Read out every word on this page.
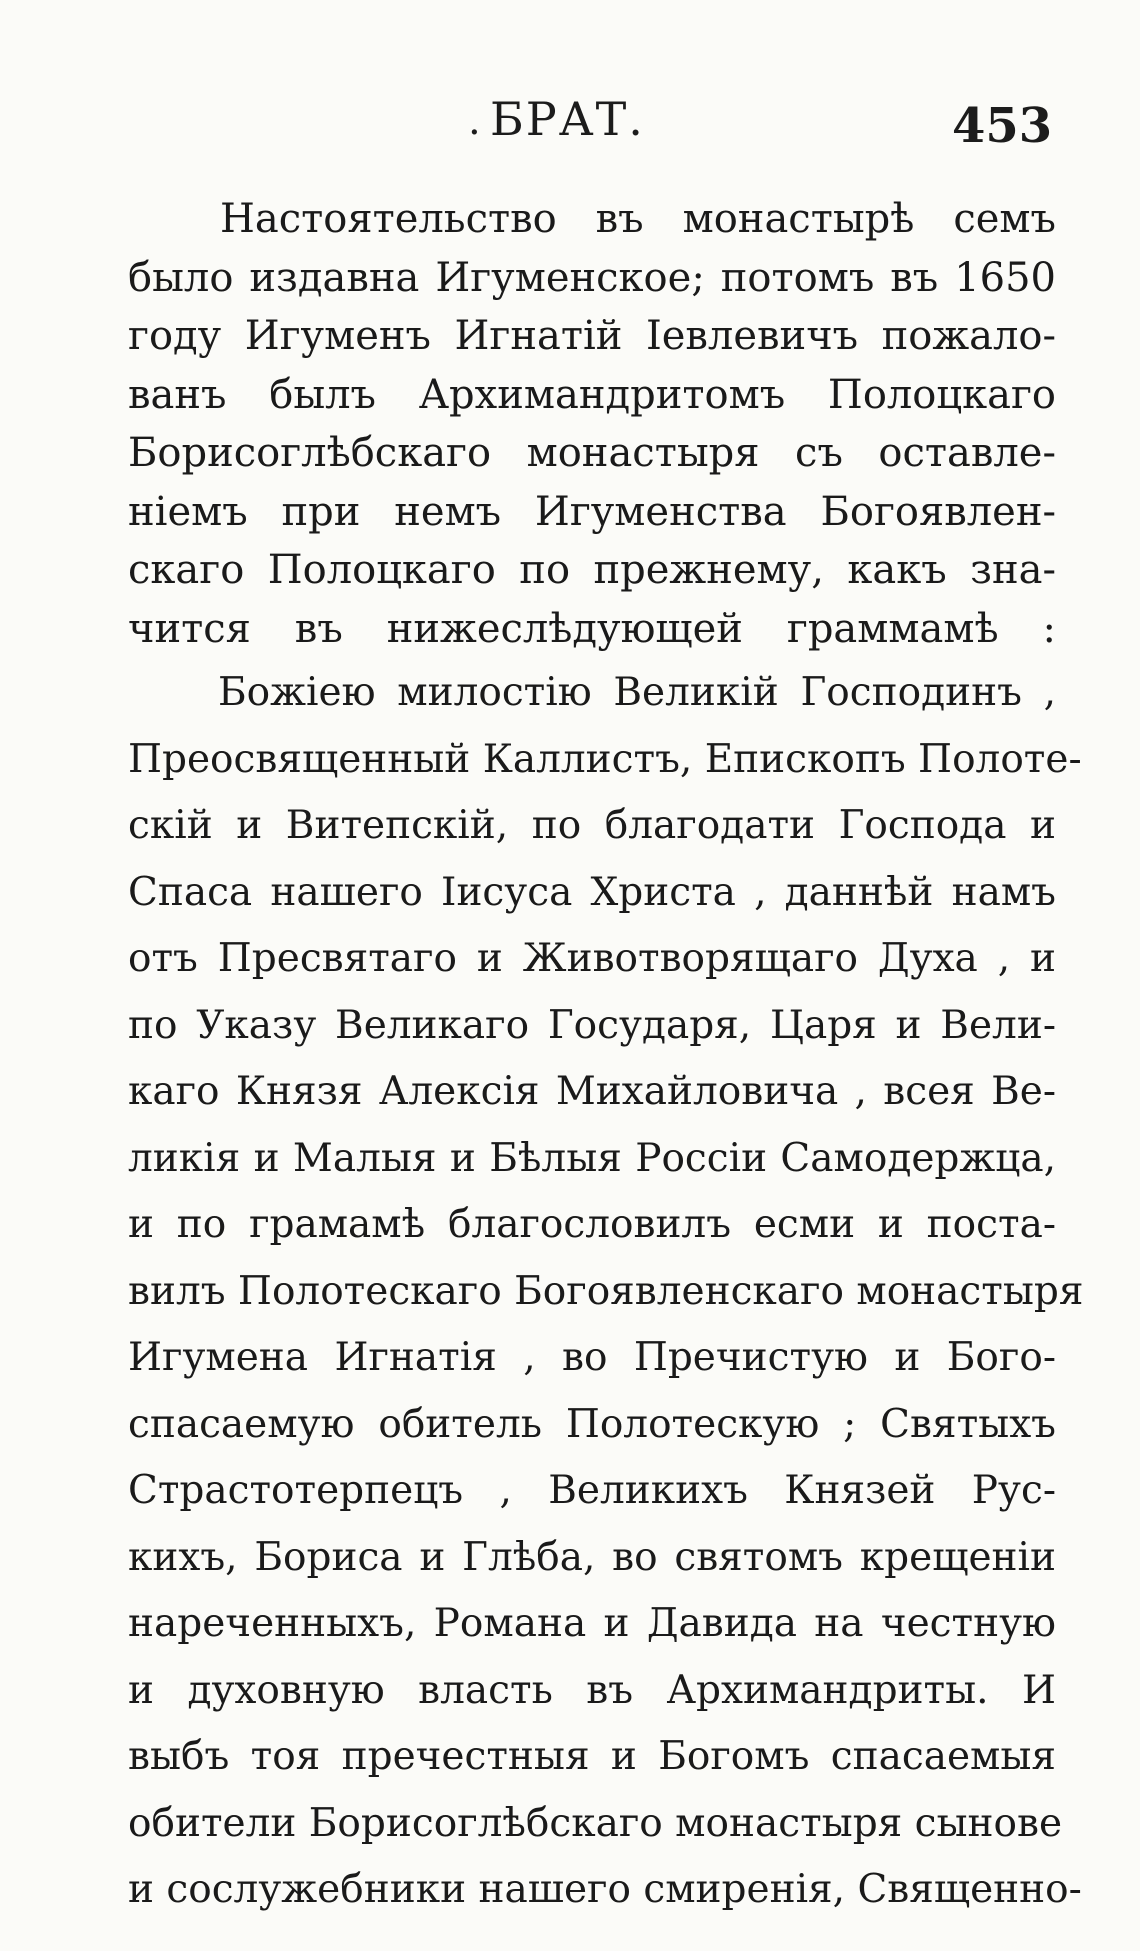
. БРАТ.	453
Настоятельство въ монастырѣ семъ
было издавна Игуменское; потомъ въ 1650
году Игуменъ Игнатій Іевлевичъ пожало-
ванъ былъ Архимандритомъ Полоцкаго
Борисоглѣбскаго монастыря съ оставле-
ніемъ при немъ Игуменства Богоявлен-
скаго Полоцкаго по прежнему, какъ зна-
чится въ нижеслѣдующей граммамѣ :
Божіею милостію Великій Господинъ ,
Преосвященный Каллистъ, Епископъ Полоте-
скій и Витепскій, по благодати Господа и
Спаса нашего Іисуса Христа , даннѣй намъ
отъ Пресвятаго и Животворящаго Духа , и
по Указу Великаго Государя, Царя и Вели-
каго Князя Алексія Михайловича , всея Ве-
ликія и Малыя и Бѣлыя Россіи Самодержца,
и по грамамѣ благословилъ есми и поста-
вилъ Полотескаго Богоявленскаго монастыря
Игумена Игнатія , во Пречистую и Бого-
спасаемую обитель Полотескую ; Святыхъ
Страстотерпецъ , Великихъ Князей Рус-
кихъ, Бориса и Глѣба, во святомъ крещеніи
нареченныхъ, Романа и Давида на честную
и духовную власть въ Архимандриты. И
выбъ тоя пречестныя и Богомъ спасаемыя
обители Борисоглѣбскаго монастыря сынове
и сослужебники нашего смиренія, Священно-
